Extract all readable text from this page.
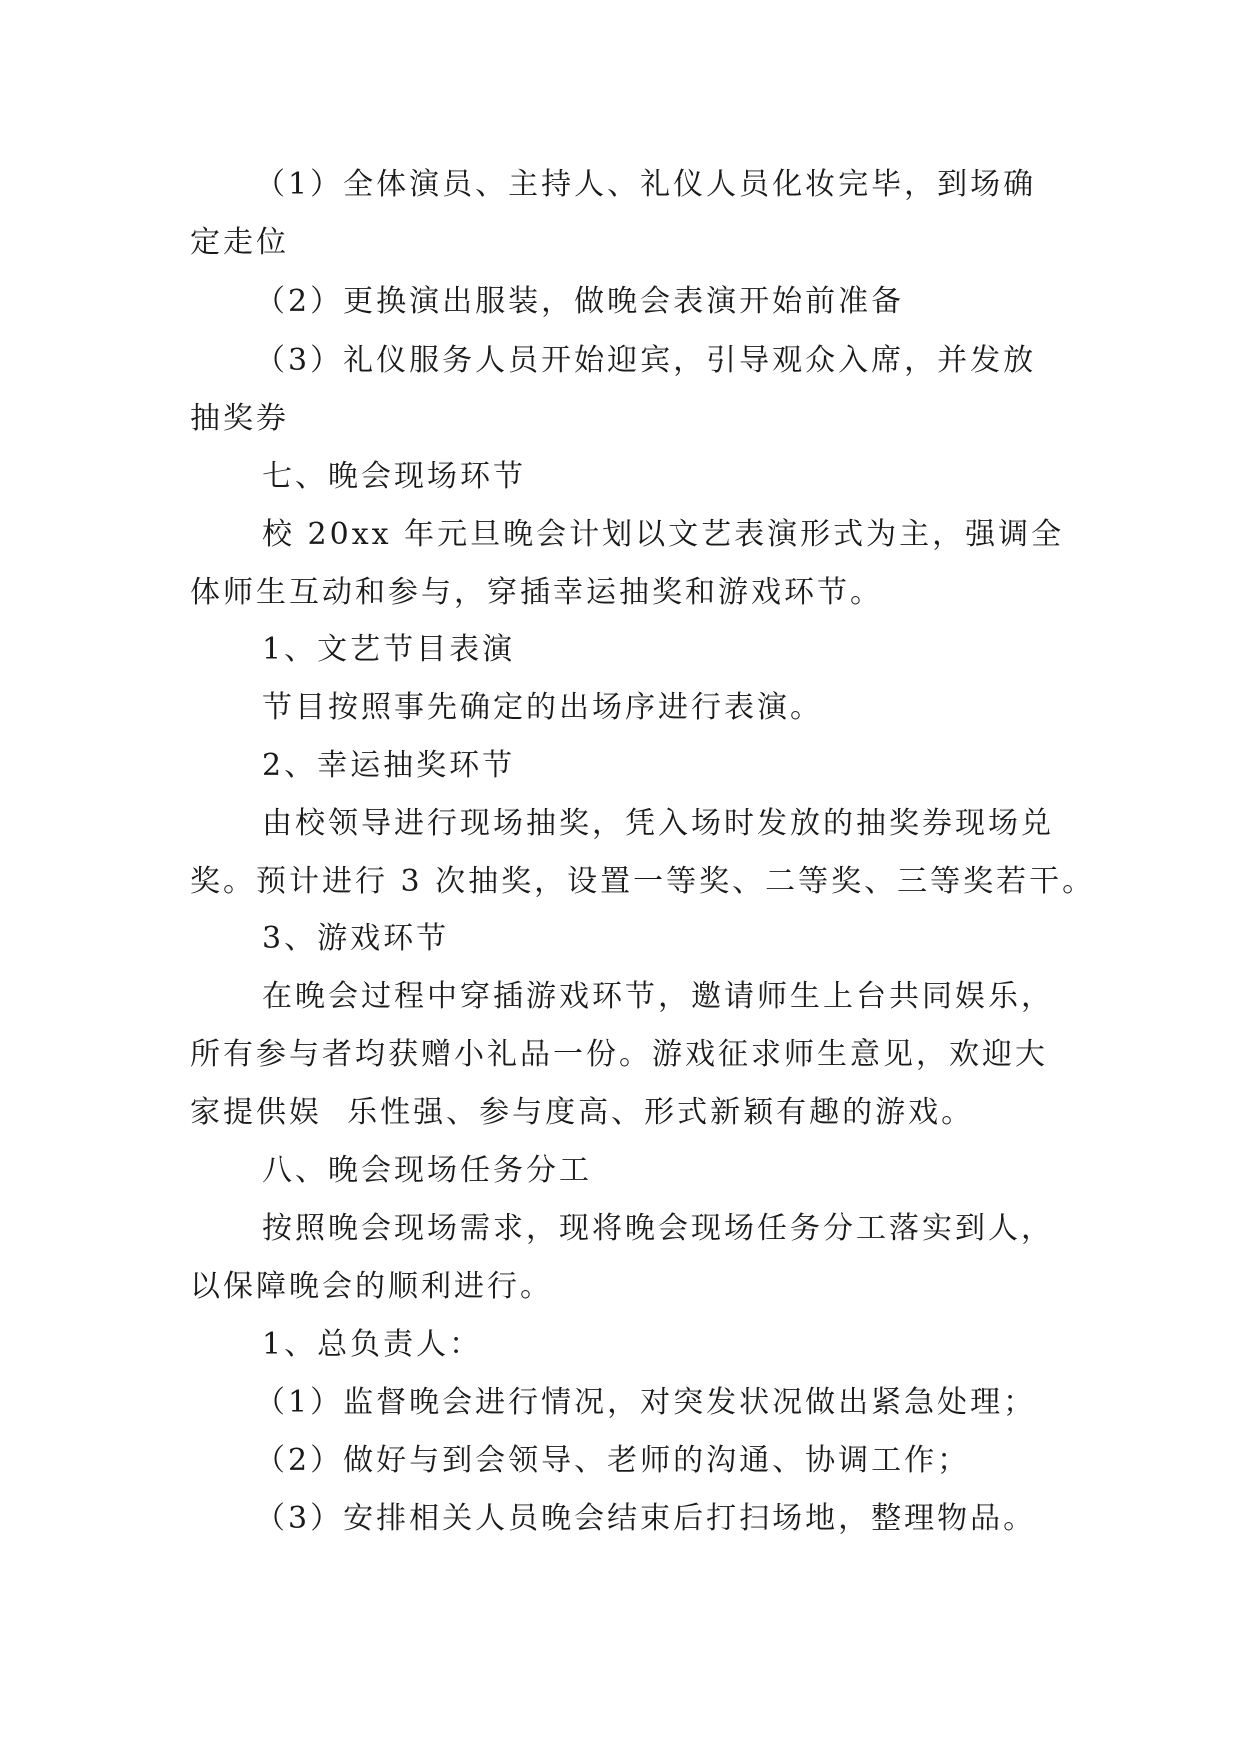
（1）全体演员、主持人、礼仪人员化妆完毕，到场确
定走位
（2）更换演出服装，做晚会表演开始前准备
（3）礼仪服务人员开始迎宾，引导观众入席，并发放
抽奖券
七、晚会现场环节
校 20xx 年元旦晚会计划以文艺表演形式为主，强调全
体师生互动和参与，穿插幸运抽奖和游戏环节。
1、文艺节目表演
节目按照事先确定的出场序进行表演。
2、幸运抽奖环节
由校领导进行现场抽奖，凭入场时发放的抽奖券现场兑
奖。预计进行 3 次抽奖，设置一等奖、二等奖、三等奖若干。
3、游戏环节
在晚会过程中穿插游戏环节，邀请师生上台共同娱乐，
所有参与者均获赠小礼品一份。游戏征求师生意见，欢迎大
家提供娱  乐性强、参与度高、形式新颖有趣的游戏。
八、晚会现场任务分工
按照晚会现场需求，现将晚会现场任务分工落实到人，
以保障晚会的顺利进行。
1、总负责人：
（1）监督晚会进行情况，对突发状况做出紧急处理；
（2）做好与到会领导、老师的沟通、协调工作；
（3）安排相关人员晚会结束后打扫场地，整理物品。
